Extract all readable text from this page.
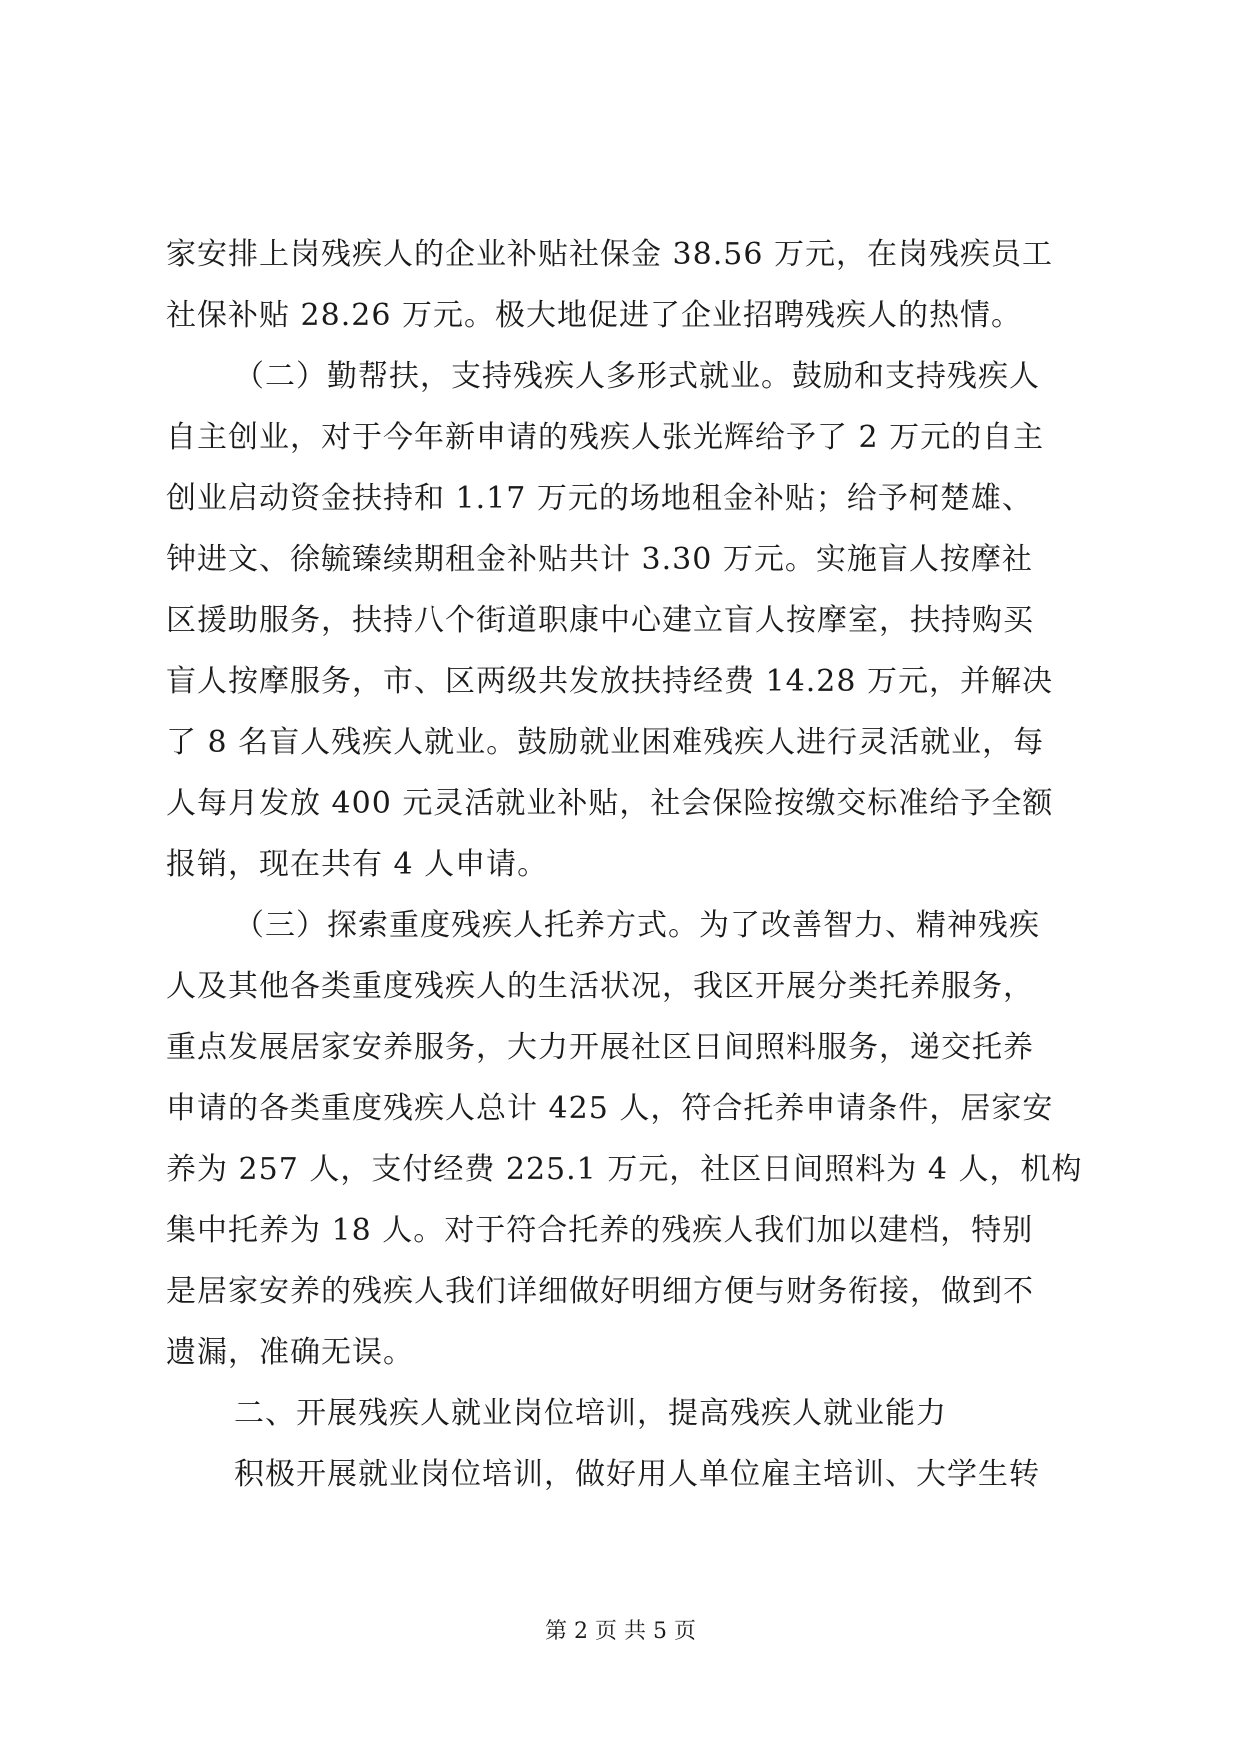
家安排上岗残疾人的企业补贴社保金 38.56 万元，在岗残疾员工
社保补贴 28.26 万元。极大地促进了企业招聘残疾人的热情。
（二）勤帮扶，支持残疾人多形式就业。鼓励和支持残疾人
自主创业，对于今年新申请的残疾人张光辉给予了 2 万元的自主
创业启动资金扶持和 1.17 万元的场地租金补贴；给予柯楚雄、
钟进文、徐毓臻续期租金补贴共计 3.30 万元。实施盲人按摩社
区援助服务，扶持八个街道职康中心建立盲人按摩室，扶持购买
盲人按摩服务，市、区两级共发放扶持经费 14.28 万元，并解决
了 8 名盲人残疾人就业。鼓励就业困难残疾人进行灵活就业，每
人每月发放 400 元灵活就业补贴，社会保险按缴交标准给予全额
报销，现在共有 4 人申请。
（三）探索重度残疾人托养方式。为了改善智力、精神残疾
人及其他各类重度残疾人的生活状况，我区开展分类托养服务，
重点发展居家安养服务，大力开展社区日间照料服务，递交托养
申请的各类重度残疾人总计 425 人，符合托养申请条件，居家安
养为 257 人，支付经费 225.1 万元，社区日间照料为 4 人，机构
集中托养为 18 人。对于符合托养的残疾人我们加以建档，特别
是居家安养的残疾人我们详细做好明细方便与财务衔接，做到不
遗漏，准确无误。
二、开展残疾人就业岗位培训，提高残疾人就业能力
积极开展就业岗位培训，做好用人单位雇主培训、大学生转
第 2 页 共 5 页
